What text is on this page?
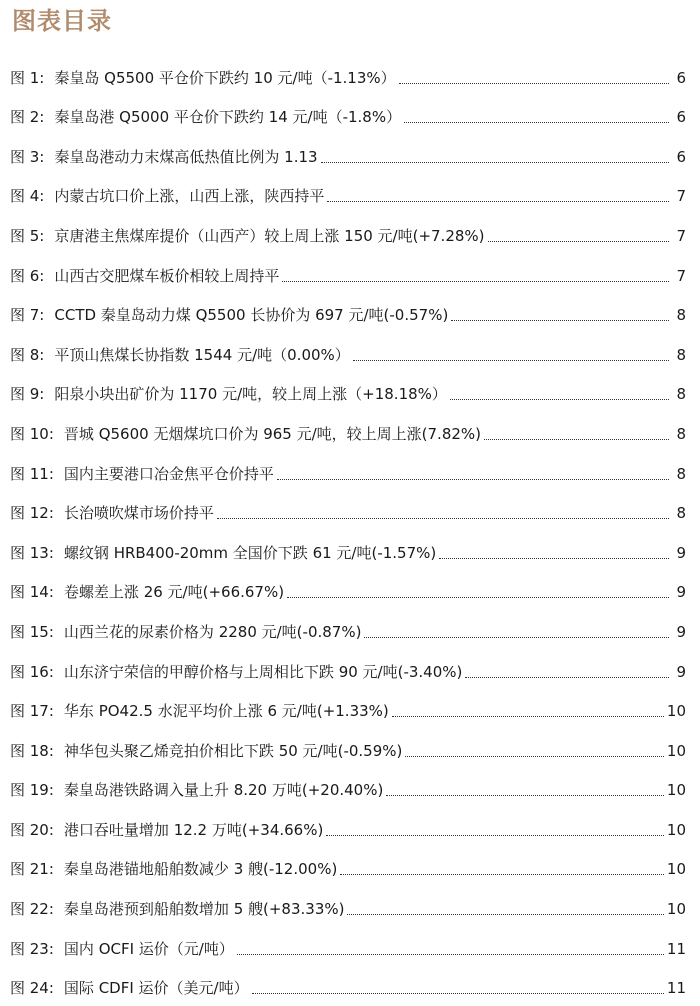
图表目录
图 1: 秦皇岛 Q5500 平仓价下跌约 10 元/吨（-1.13%）	6
图 2: 秦皇岛港 Q5000 平仓价下跌约 14 元/吨（-1.8%）	6
图 3: 秦皇岛港动力末煤高低热值比例为 1.13	6
图 4: 内蒙古坑口价上涨，山西上涨，陕西持平	7
图 5: 京唐港主焦煤库提价（山西产）较上周上涨 150 元/吨(+7.28%)	7
图 6: 山西古交肥煤车板价相较上周持平	7
图 7: CCTD 秦皇岛动力煤 Q5500 长协价为 697 元/吨(-0.57%)	8
图 8: 平顶山焦煤长协指数 1544 元/吨（0.00%）	8
图 9: 阳泉小块出矿价为 1170 元/吨，较上周上涨（+18.18%）	8
图 10: 晋城 Q5600 无烟煤坑口价为 965 元/吨，较上周上涨(7.82%)	8
图 11: 国内主要港口冶金焦平仓价持平	8
图 12: 长治喷吹煤市场价持平	8
图 13: 螺纹钢 HRB400-20mm 全国价下跌 61 元/吨(-1.57%)	9
图 14: 卷螺差上涨 26 元/吨(+66.67%)	9
图 15: 山西兰花的尿素价格为 2280 元/吨(-0.87%)	9
图 16: 山东济宁荣信的甲醇价格与上周相比下跌 90 元/吨(-3.40%)	9
图 17: 华东 PO42.5 水泥平均价上涨 6 元/吨(+1.33%)	10
图 18: 神华包头聚乙烯竞拍价相比下跌 50 元/吨(-0.59%)	10
图 19: 秦皇岛港铁路调入量上升 8.20 万吨(+20.40%)	10
图 20: 港口吞吐量增加 12.2 万吨(+34.66%)	10
图 21: 秦皇岛港锚地船舶数减少 3 艘(-12.00%)	10
图 22: 秦皇岛港预到船舶数增加 5 艘(+83.33%)	10
图 23: 国内 OCFI 运价（元/吨）	11
图 24: 国际 CDFI 运价（美元/吨）	11
